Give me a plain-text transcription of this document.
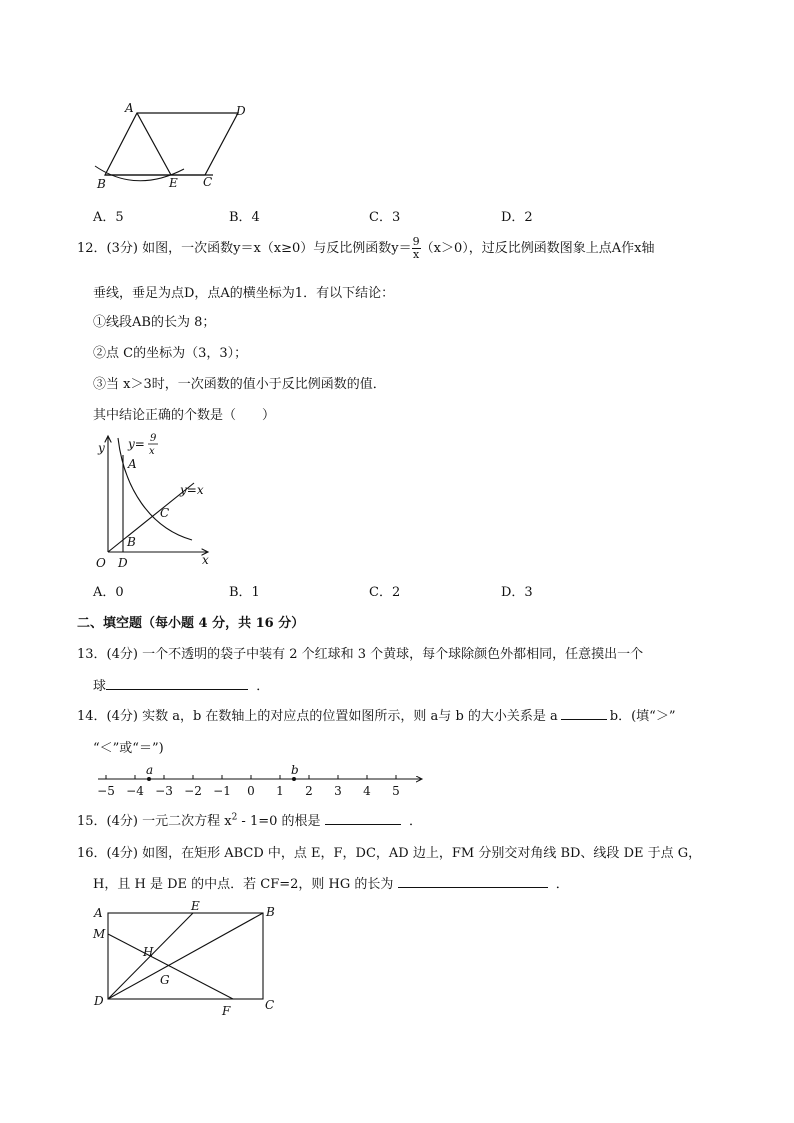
A	D
B	E C
A．5	B．4	C．3	D．2
12．(3分) 如图，一次函数y＝x（x≥0）与反比例函数$y= \frac{9}{x} (x>0)$，过反比例函数图象上点A作x轴
垂线，垂足为点D，点A的横坐标为1．有以下结论：
①线段AB的长为 8；
②点 C的坐标为（3，3）；
③当 x＞3时，一次函数的值小于反比例函数的值．
其中结论正确的个数是（　　）
y
x
O D
A
B
C
y= 9
x
y=x
A．0	B．1	C．2	D．3
二、填空题（每小题 4 分，共 16 分）
13．(4分) 一个不透明的袋子中装有 2 个红球和 3 个黄球，每个球除颜色外都相同，任意摸出一个
球	．
14．(4分) 实数 a，b 在数轴上的对应点的位置如图所示，则 a与 b 的大小关系是 a	b．(填“＞”
“＜”或“＝”)
−5 −4 −3 −2 −1 0 1 2 3 4 5
a	b
15．(4分) 一元二次方程 $x^2 - 1=0$ 的根是	．
16．(4分) 如图，在矩形 ABCD 中，点 E，F，DC，AD 边上，FM 分别交对角线 BD、线段 DE 于点 G，
H，且 H 是 DE 的中点．若 CF=2，则 HG 的长为	．
A	B
C
D
E
F
M
H
G
